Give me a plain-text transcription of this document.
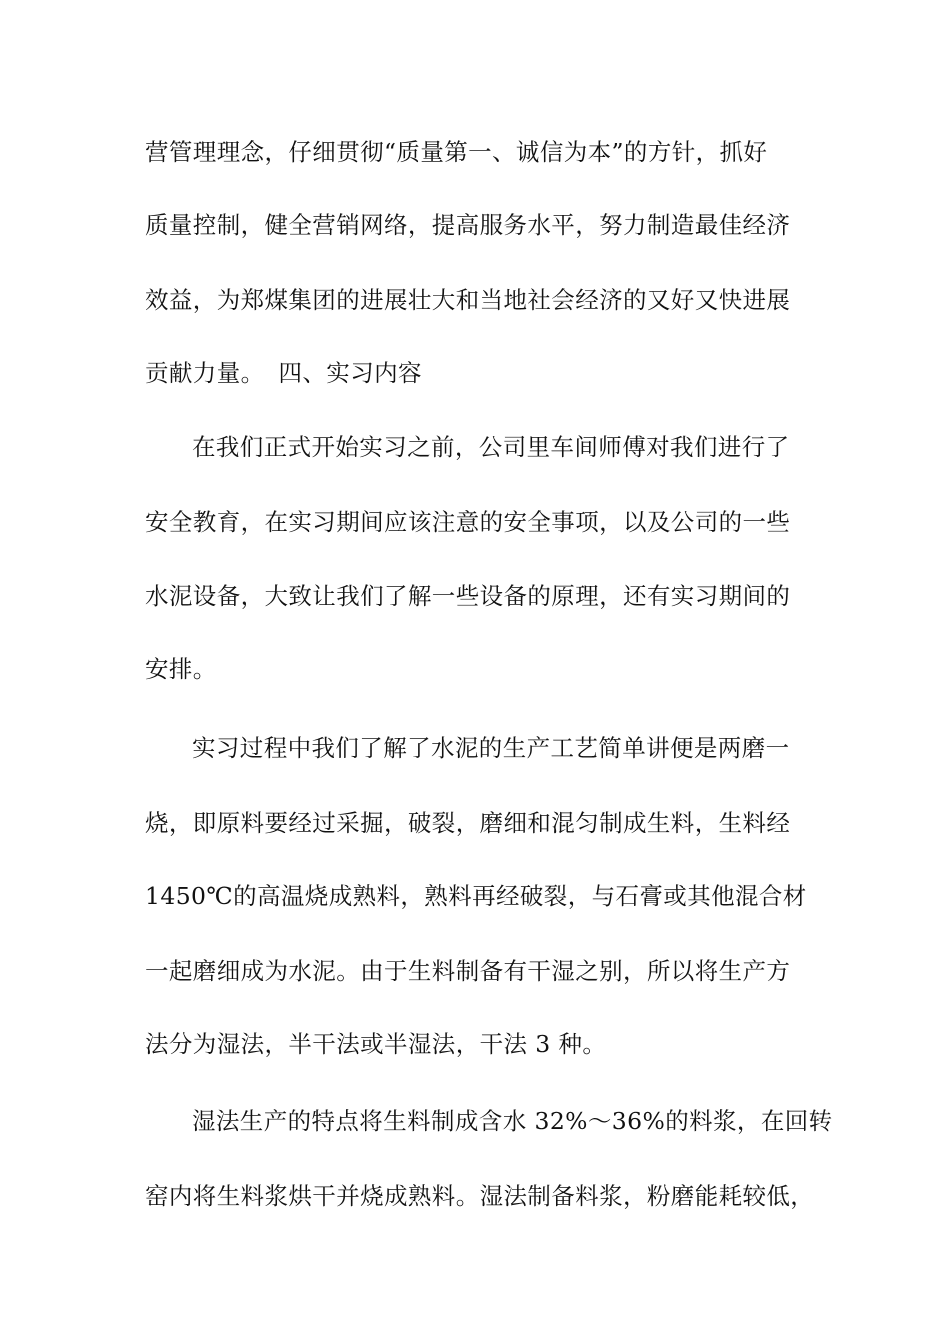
营管理理念，仔细贯彻“质量第一、诚信为本”的方针，抓好
质量控制，健全营销网络，提高服务水平，努力制造最佳经济
效益，为郑煤集团的进展壮大和当地社会经济的又好又快进展
贡献力量。 四、实习内容
在我们正式开始实习之前，公司里车间师傅对我们进行了
安全教育，在实习期间应该注意的安全事项，以及公司的一些
水泥设备，大致让我们了解一些设备的原理，还有实习期间的
安排。
实习过程中我们了解了水泥的生产工艺简单讲便是两磨一
烧，即原料要经过采掘，破裂，磨细和混匀制成生料，生料经
1450℃的高温烧成熟料，熟料再经破裂，与石膏或其他混合材
一起磨细成为水泥。由于生料制备有干湿之别，所以将生产方
法分为湿法，半干法或半湿法，干法 3 种。
湿法生产的特点将生料制成含水 32%～36%的料浆，在回转
窑内将生料浆烘干并烧成熟料。湿法制备料浆，粉磨能耗较低，
